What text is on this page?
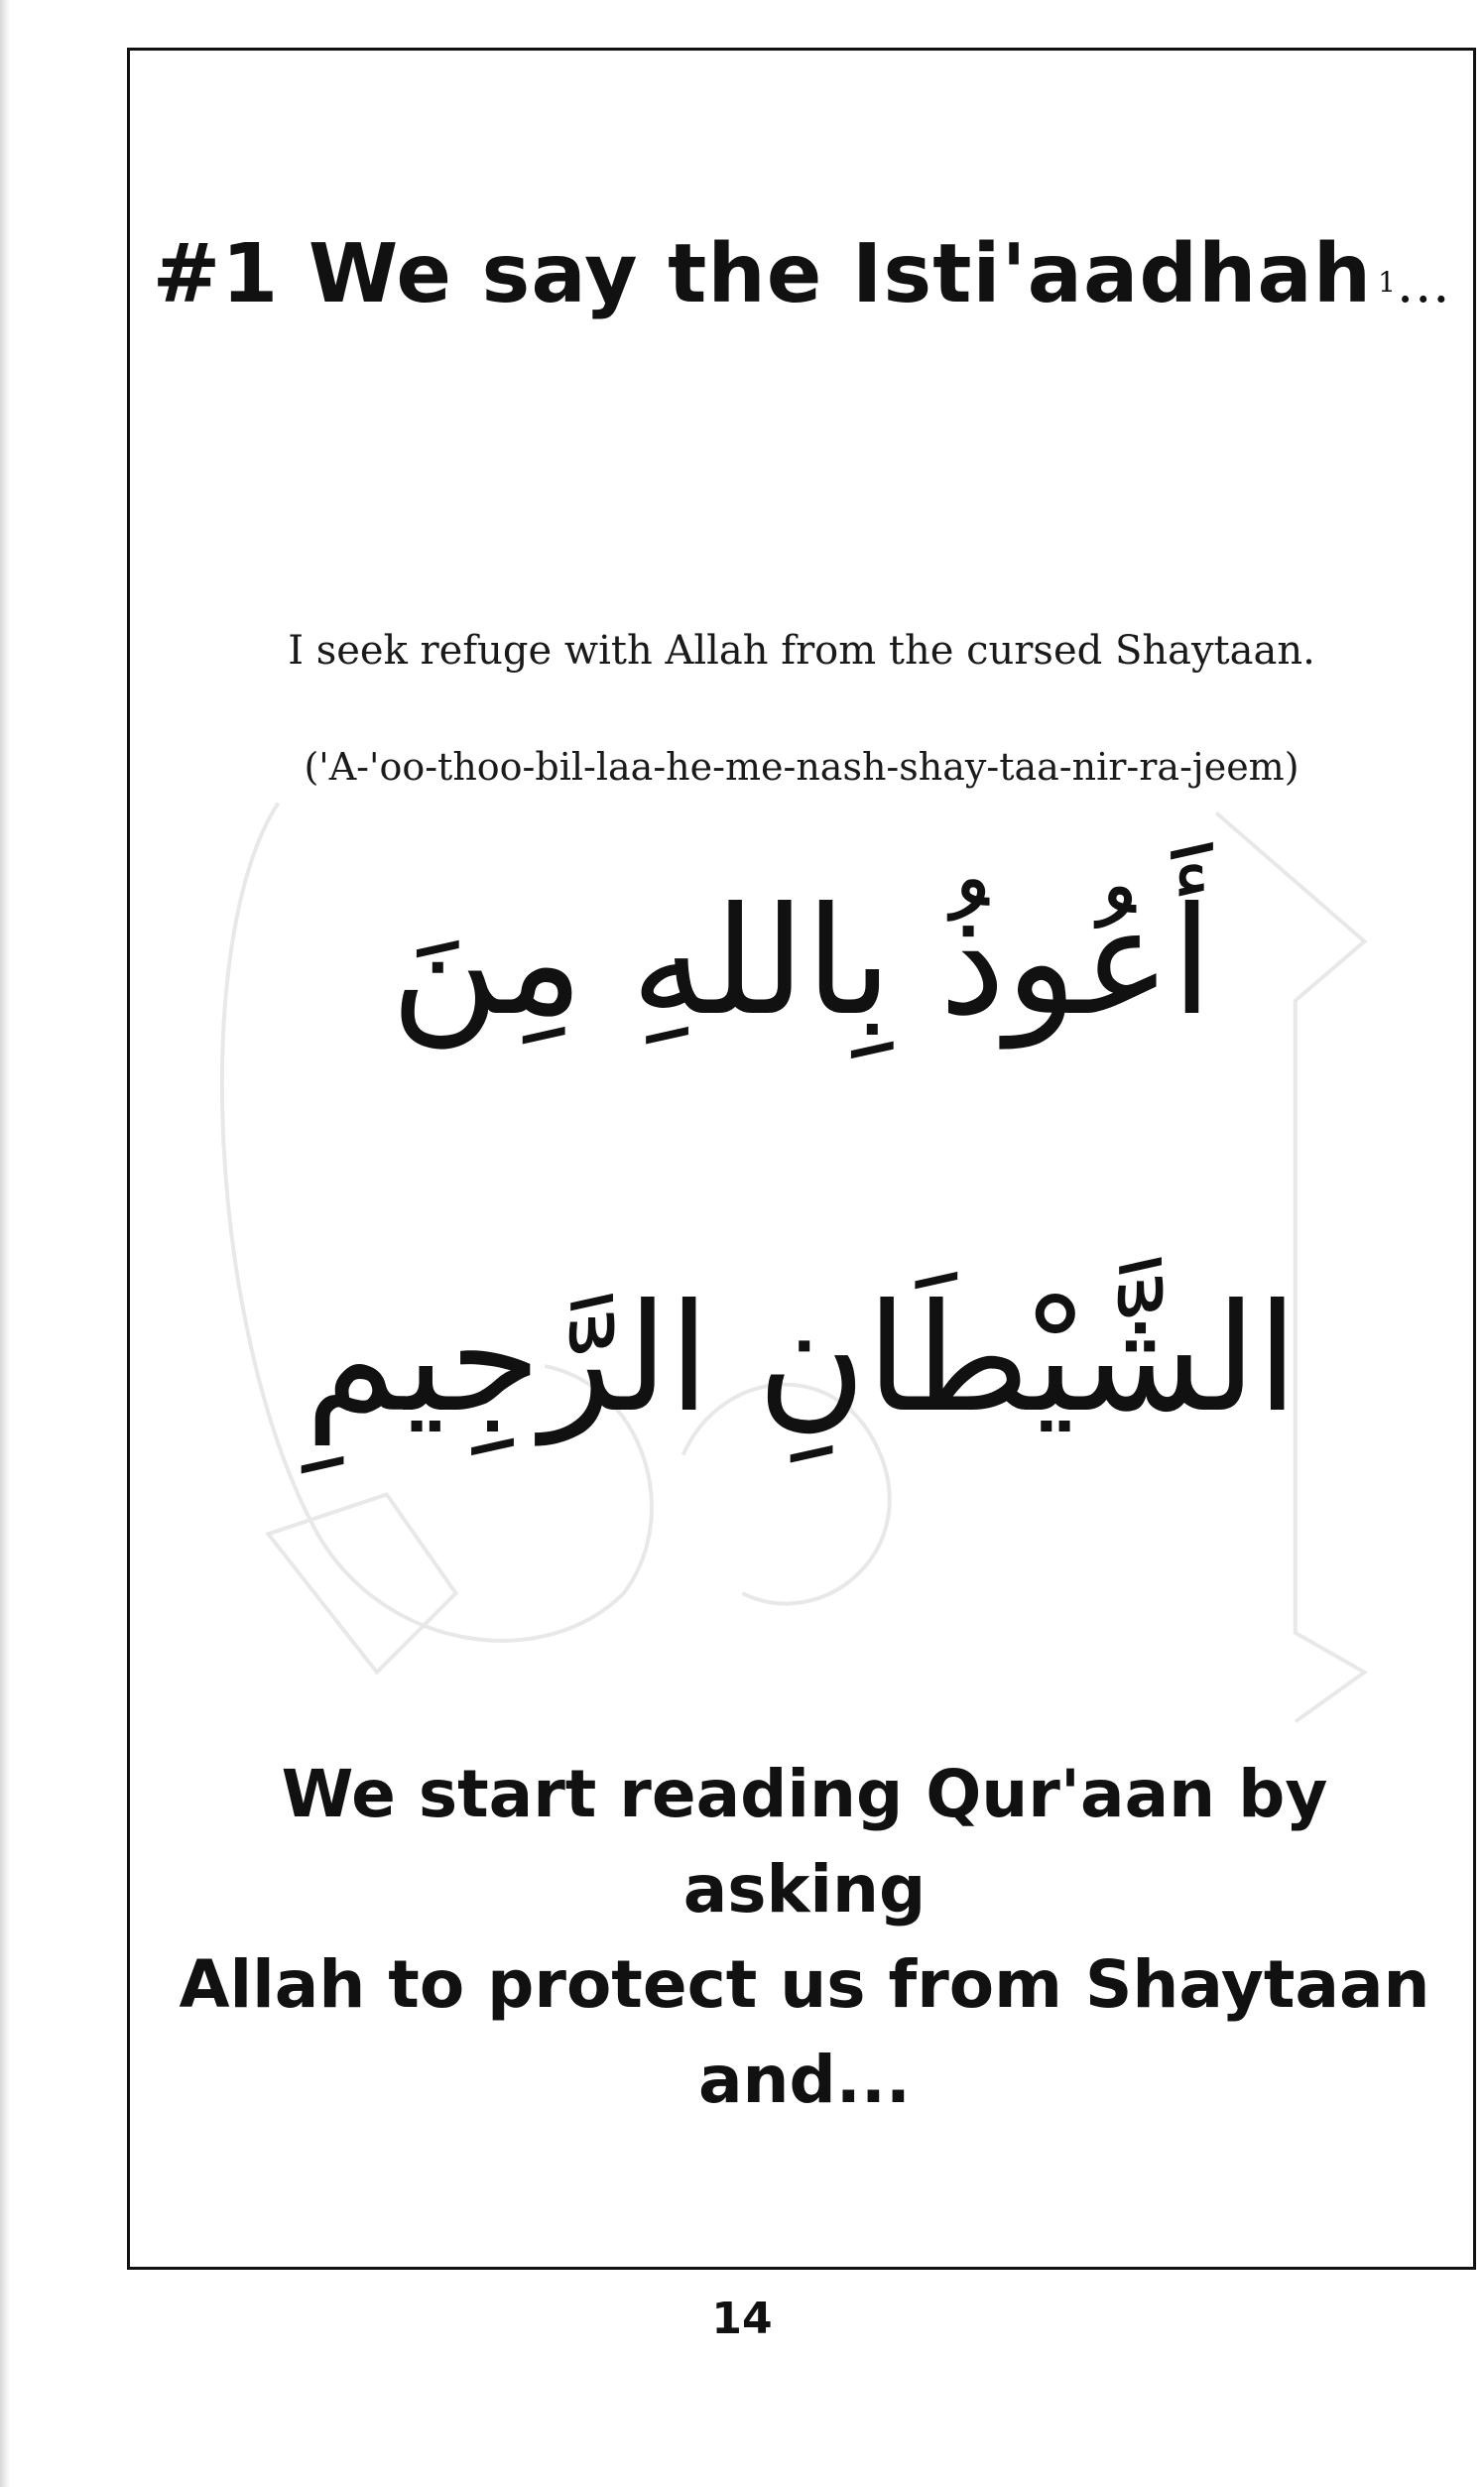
#1 We say the Isti'aadhah $^1$...
I seek refuge with Allah from the cursed Shaytaan.
('A-'oo-thoo-bil-laa-he-me-nash-shay-taa-nir-ra-jeem)
أَعُوذُ بِاللهِ مِنَ
الشَّيْطَانِ الرَّجِيمِ
We start reading Qur'aan by asking
Allah to protect us from Shaytaan
and...
14
